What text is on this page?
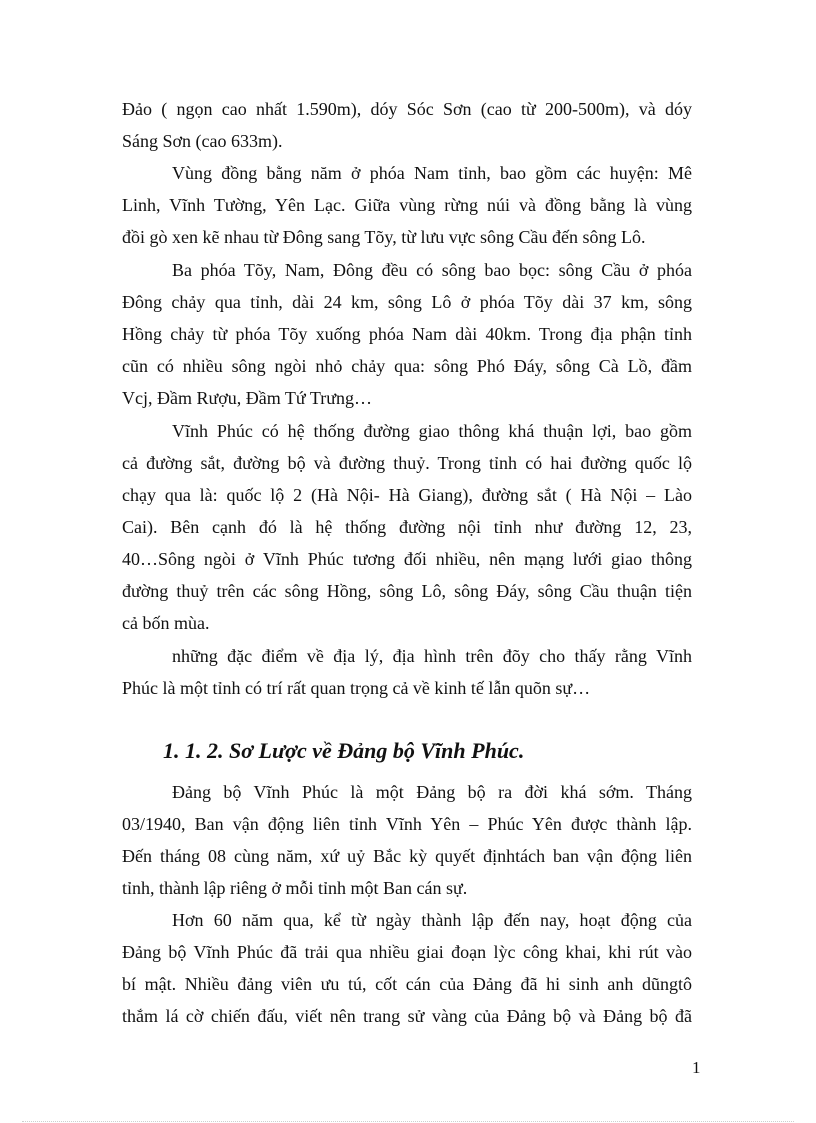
Đảo ( ngọn cao nhất 1.590m), dóy Sóc Sơn (cao từ 200-500m), và dóy
Sáng Sơn (cao 633m).
Vùng đồng bằng năm ở phóa Nam tỉnh, bao gồm các huyện: Mê
Linh, Vĩnh Tường, Yên Lạc. Giữa vùng rừng núi và đồng bằng là vùng
đồi gò xen kẽ nhau từ Đông sang Tõy, từ lưu vực sông Cầu đến sông Lô.
Ba phóa Tõy, Nam, Đông đều có sông bao bọc: sông Cầu ở phóa
Đông chảy qua tỉnh, dài 24 km, sông Lô ở phóa Tõy dài 37 km, sông
Hồng chảy từ phóa Tõy xuống phóa Nam dài 40km. Trong địa phận tỉnh
cũn có nhiều sông ngòi nhỏ chảy qua: sông Phó Đáy, sông Cà Lồ, đầm
Vcj, Đầm Rượu, Đầm Tứ Trưng…
Vĩnh Phúc có hệ thống đường giao thông khá thuận lợi, bao gồm
cả đường sắt, đường bộ và đường thuỷ. Trong tỉnh có hai đường quốc lộ
chạy qua là: quốc lộ 2 (Hà Nội- Hà Giang), đường sắt ( Hà Nội – Lào
Cai). Bên cạnh đó là hệ thống đường nội tỉnh như đường 12, 23,
40…Sông ngòi ở Vĩnh Phúc tương đối nhiều, nên mạng lưới giao thông
đường thuỷ trên các sông Hồng, sông Lô, sông Đáy, sông Cầu thuận tiện
cả bốn mùa.
những đặc điểm về địa lý, địa hình trên đõy cho thấy rằng Vĩnh
Phúc là một tỉnh có trí rất quan trọng cả về kinh tế lẫn quõn sự…
1. 1. 2. Sơ Lược về Đảng bộ Vĩnh Phúc.
Đảng bộ Vĩnh Phúc là một Đảng bộ ra đời khá sớm. Tháng
03/1940, Ban vận động liên tỉnh Vĩnh Yên – Phúc Yên được thành lập.
Đến tháng 08 cùng năm, xứ uỷ Bắc kỳ quyết địnhtách ban vận động liên
tỉnh, thành lập riêng ở mỗi tỉnh một Ban cán sự.
Hơn 60 năm qua, kể từ ngày thành lập đến nay, hoạt động của
Đảng bộ Vĩnh Phúc đã trải qua nhiều giai đoạn lỳc công khai, khi rút vào
bí mật. Nhiều đảng viên ưu tú, cốt cán của Đảng đã hi sinh anh dũngtô
thắm lá cờ chiến đấu, viết nên trang sử vàng của Đảng bộ và Đảng bộ đã
1
